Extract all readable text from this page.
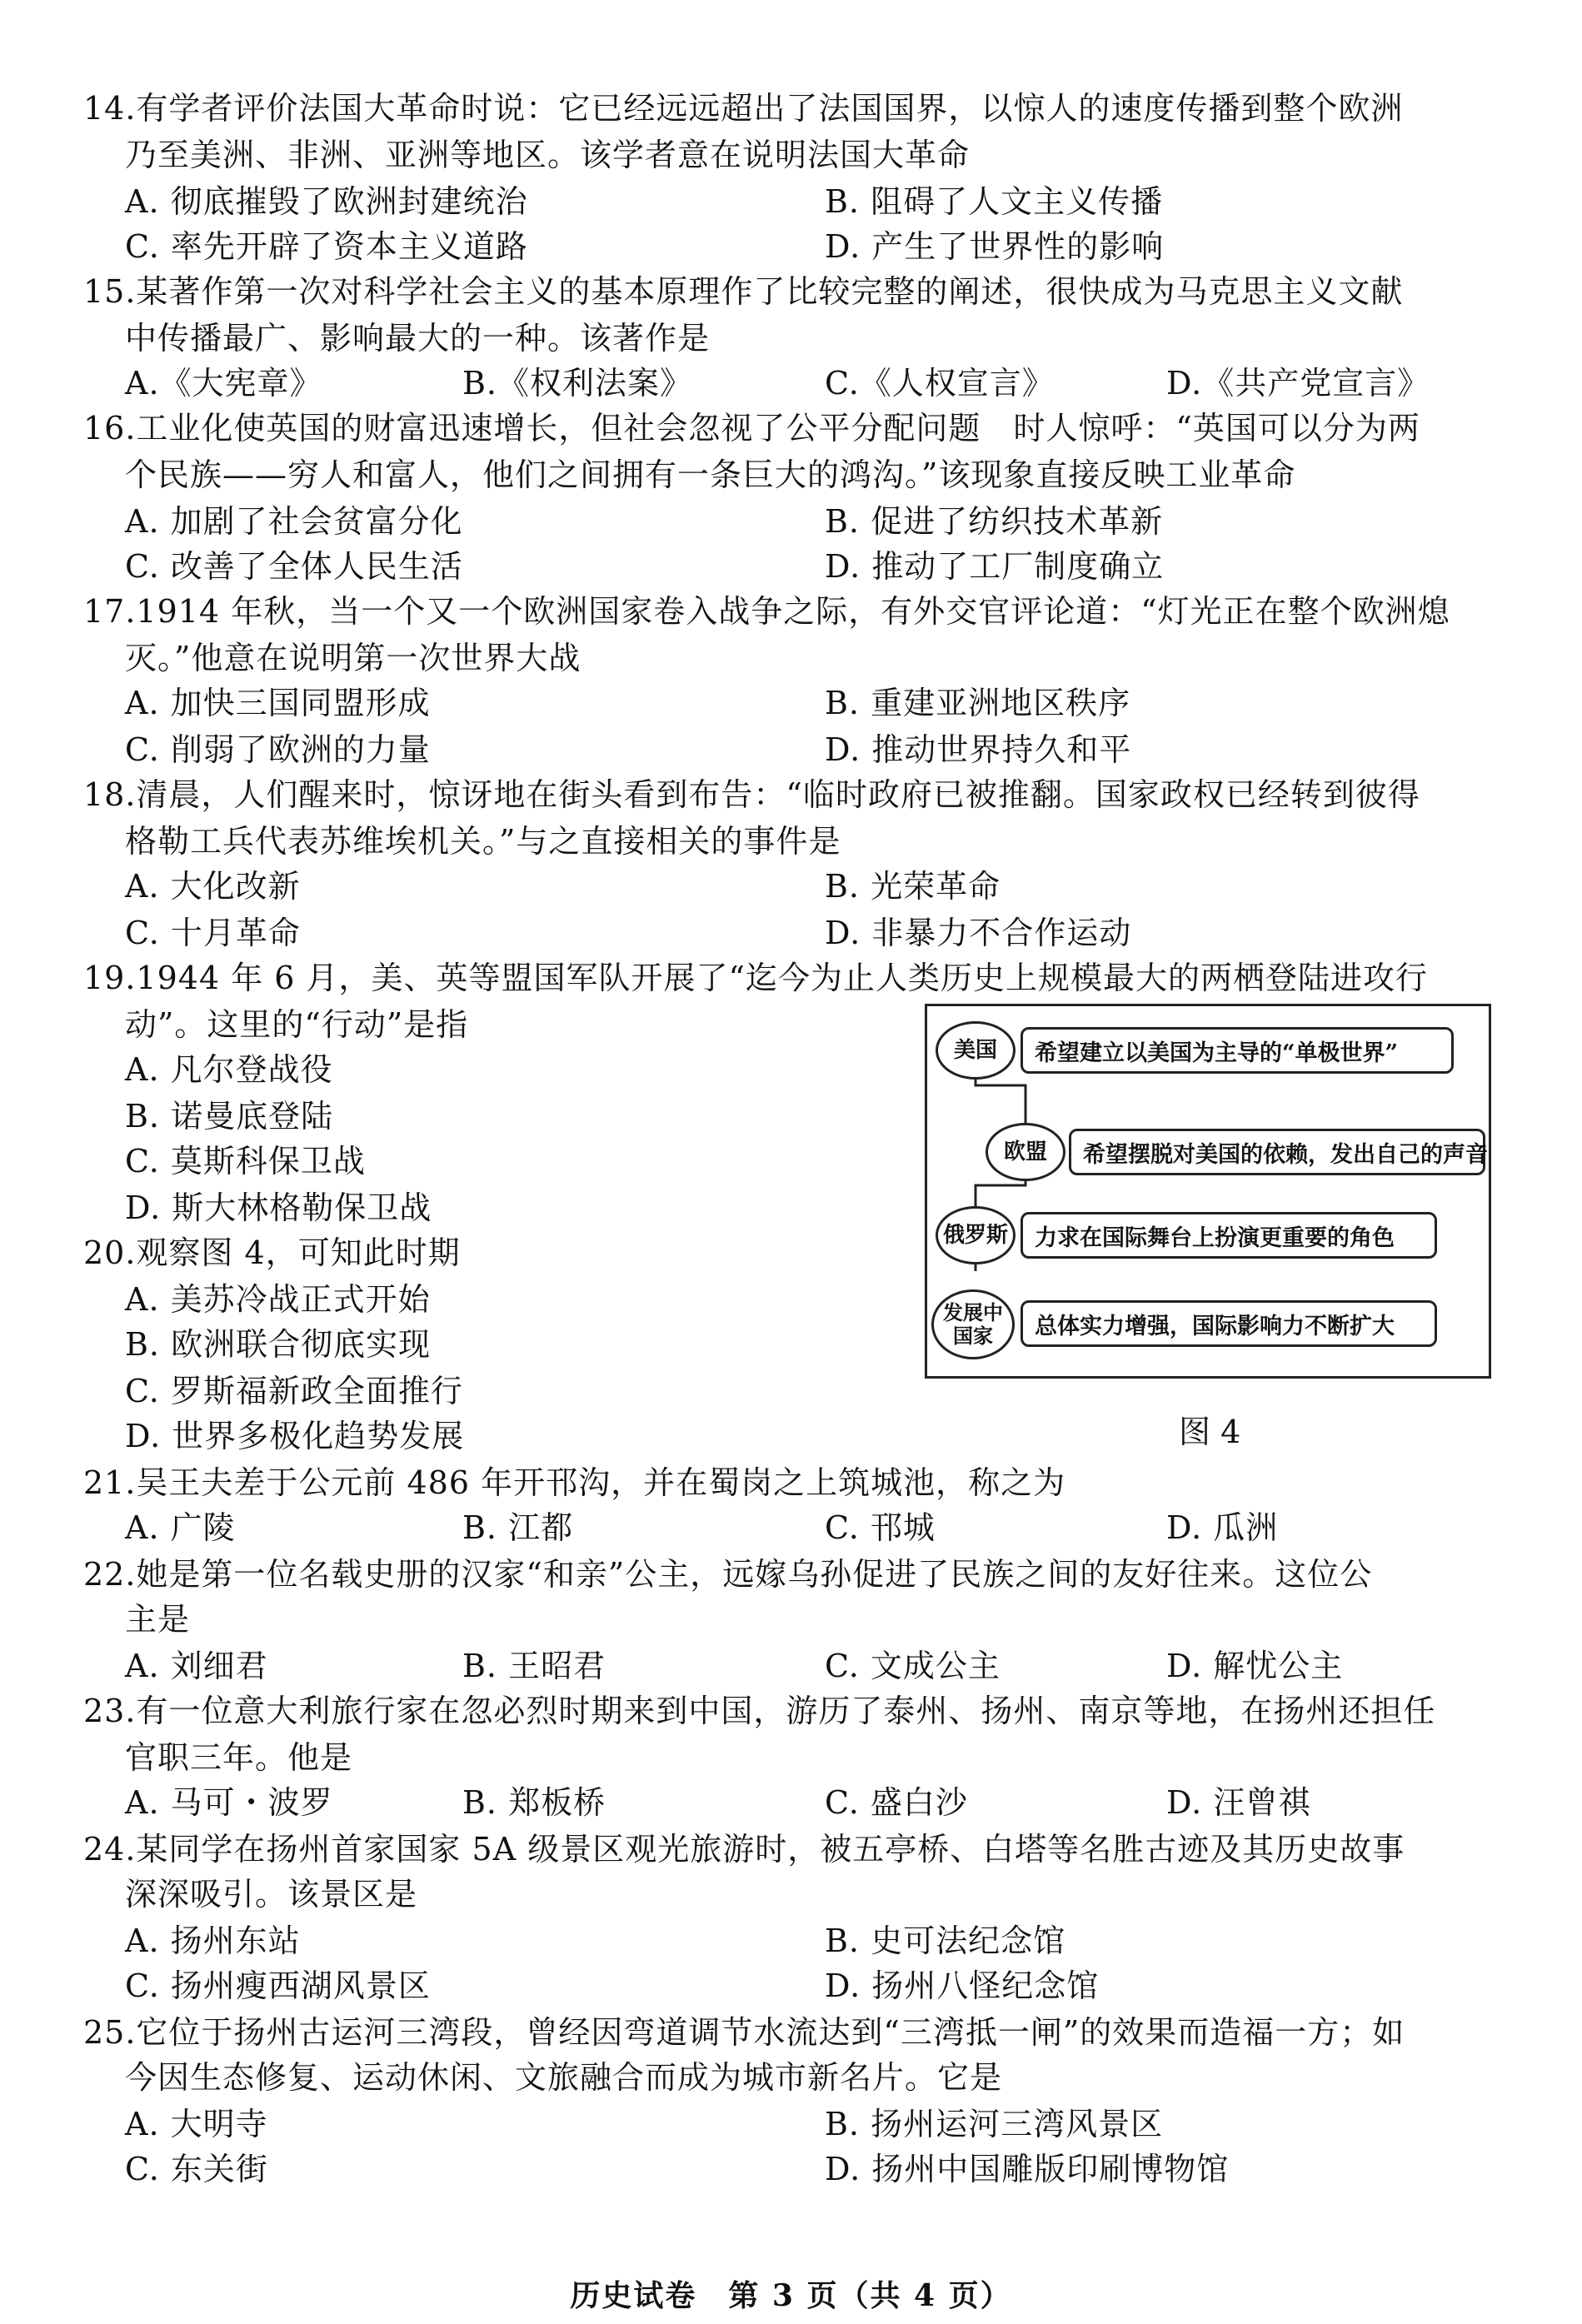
14.有学者评价法国大革命时说：它已经远远超出了法国国界，以惊人的速度传播到整个欧洲
乃至美洲、非洲、亚洲等地区。该学者意在说明法国大革命
A. 彻底摧毁了欧洲封建统治	B. 阻碍了人文主义传播
C. 率先开辟了资本主义道路	D. 产生了世界性的影响
15.某著作第一次对科学社会主义的基本原理作了比较完整的阐述，很快成为马克思主义文献
中传播最广、影响最大的一种。该著作是
A.《大宪章》	B.《权利法案》	C.《人权宣言》	D.《共产党宣言》
16.工业化使英国的财富迅速增长，但社会忽视了公平分配问题　时人惊呼：“英国可以分为两
个民族——穷人和富人，他们之间拥有一条巨大的鸿沟。”该现象直接反映工业革命
A. 加剧了社会贫富分化	B. 促进了纺织技术革新
C. 改善了全体人民生活	D. 推动了工厂制度确立
17.1914 年秋，当一个又一个欧洲国家卷入战争之际，有外交官评论道：“灯光正在整个欧洲熄
灭。”他意在说明第一次世界大战
A. 加快三国同盟形成	B. 重建亚洲地区秩序
C. 削弱了欧洲的力量	D. 推动世界持久和平
18.清晨，人们醒来时，惊讶地在街头看到布告：“临时政府已被推翻。国家政权已经转到彼得
格勒工兵代表苏维埃机关。”与之直接相关的事件是
A. 大化改新	B. 光荣革命
C. 十月革命	D. 非暴力不合作运动
19.1944 年 6 月，美、英等盟国军队开展了“迄今为止人类历史上规模最大的两栖登陆进攻行
动”。这里的“行动”是指
A. 凡尔登战役
B. 诺曼底登陆
C. 莫斯科保卫战
D. 斯大林格勒保卫战
20.观察图 4，可知此时期
A. 美苏冷战正式开始
B. 欧洲联合彻底实现
C. 罗斯福新政全面推行
D. 世界多极化趋势发展
美国	希望建立以美国为主导的“单极世界”
欧盟	希望摆脱对美国的依赖，发出自己的声音
俄罗斯	力求在国际舞台上扮演更重要的角色
发展中国家	总体实力增强，国际影响力不断扩大
图 4
21.吴王夫差于公元前 486 年开邗沟，并在蜀岗之上筑城池，称之为
A. 广陵	B. 江都	C. 邗城	D. 瓜洲
22.她是第一位名载史册的汉家“和亲”公主，远嫁乌孙促进了民族之间的友好往来。这位公
主是
A. 刘细君	B. 王昭君	C. 文成公主	D. 解忧公主
23.有一位意大利旅行家在忽必烈时期来到中国，游历了泰州、扬州、南京等地，在扬州还担任
官职三年。他是
A. 马可・波罗	B. 郑板桥	C. 盛白沙	D. 汪曾祺
24.某同学在扬州首家国家 5A 级景区观光旅游时，被五亭桥、白塔等名胜古迹及其历史故事
深深吸引。该景区是
A. 扬州东站	B. 史可法纪念馆
C. 扬州瘦西湖风景区	D. 扬州八怪纪念馆
25.它位于扬州古运河三湾段，曾经因弯道调节水流达到“三湾抵一闸”的效果而造福一方；如
今因生态修复、运动休闲、文旅融合而成为城市新名片。它是
A. 大明寺	B. 扬州运河三湾风景区
C. 东关街	D. 扬州中国雕版印刷博物馆
历史试卷　第 3 页（共 4 页）
